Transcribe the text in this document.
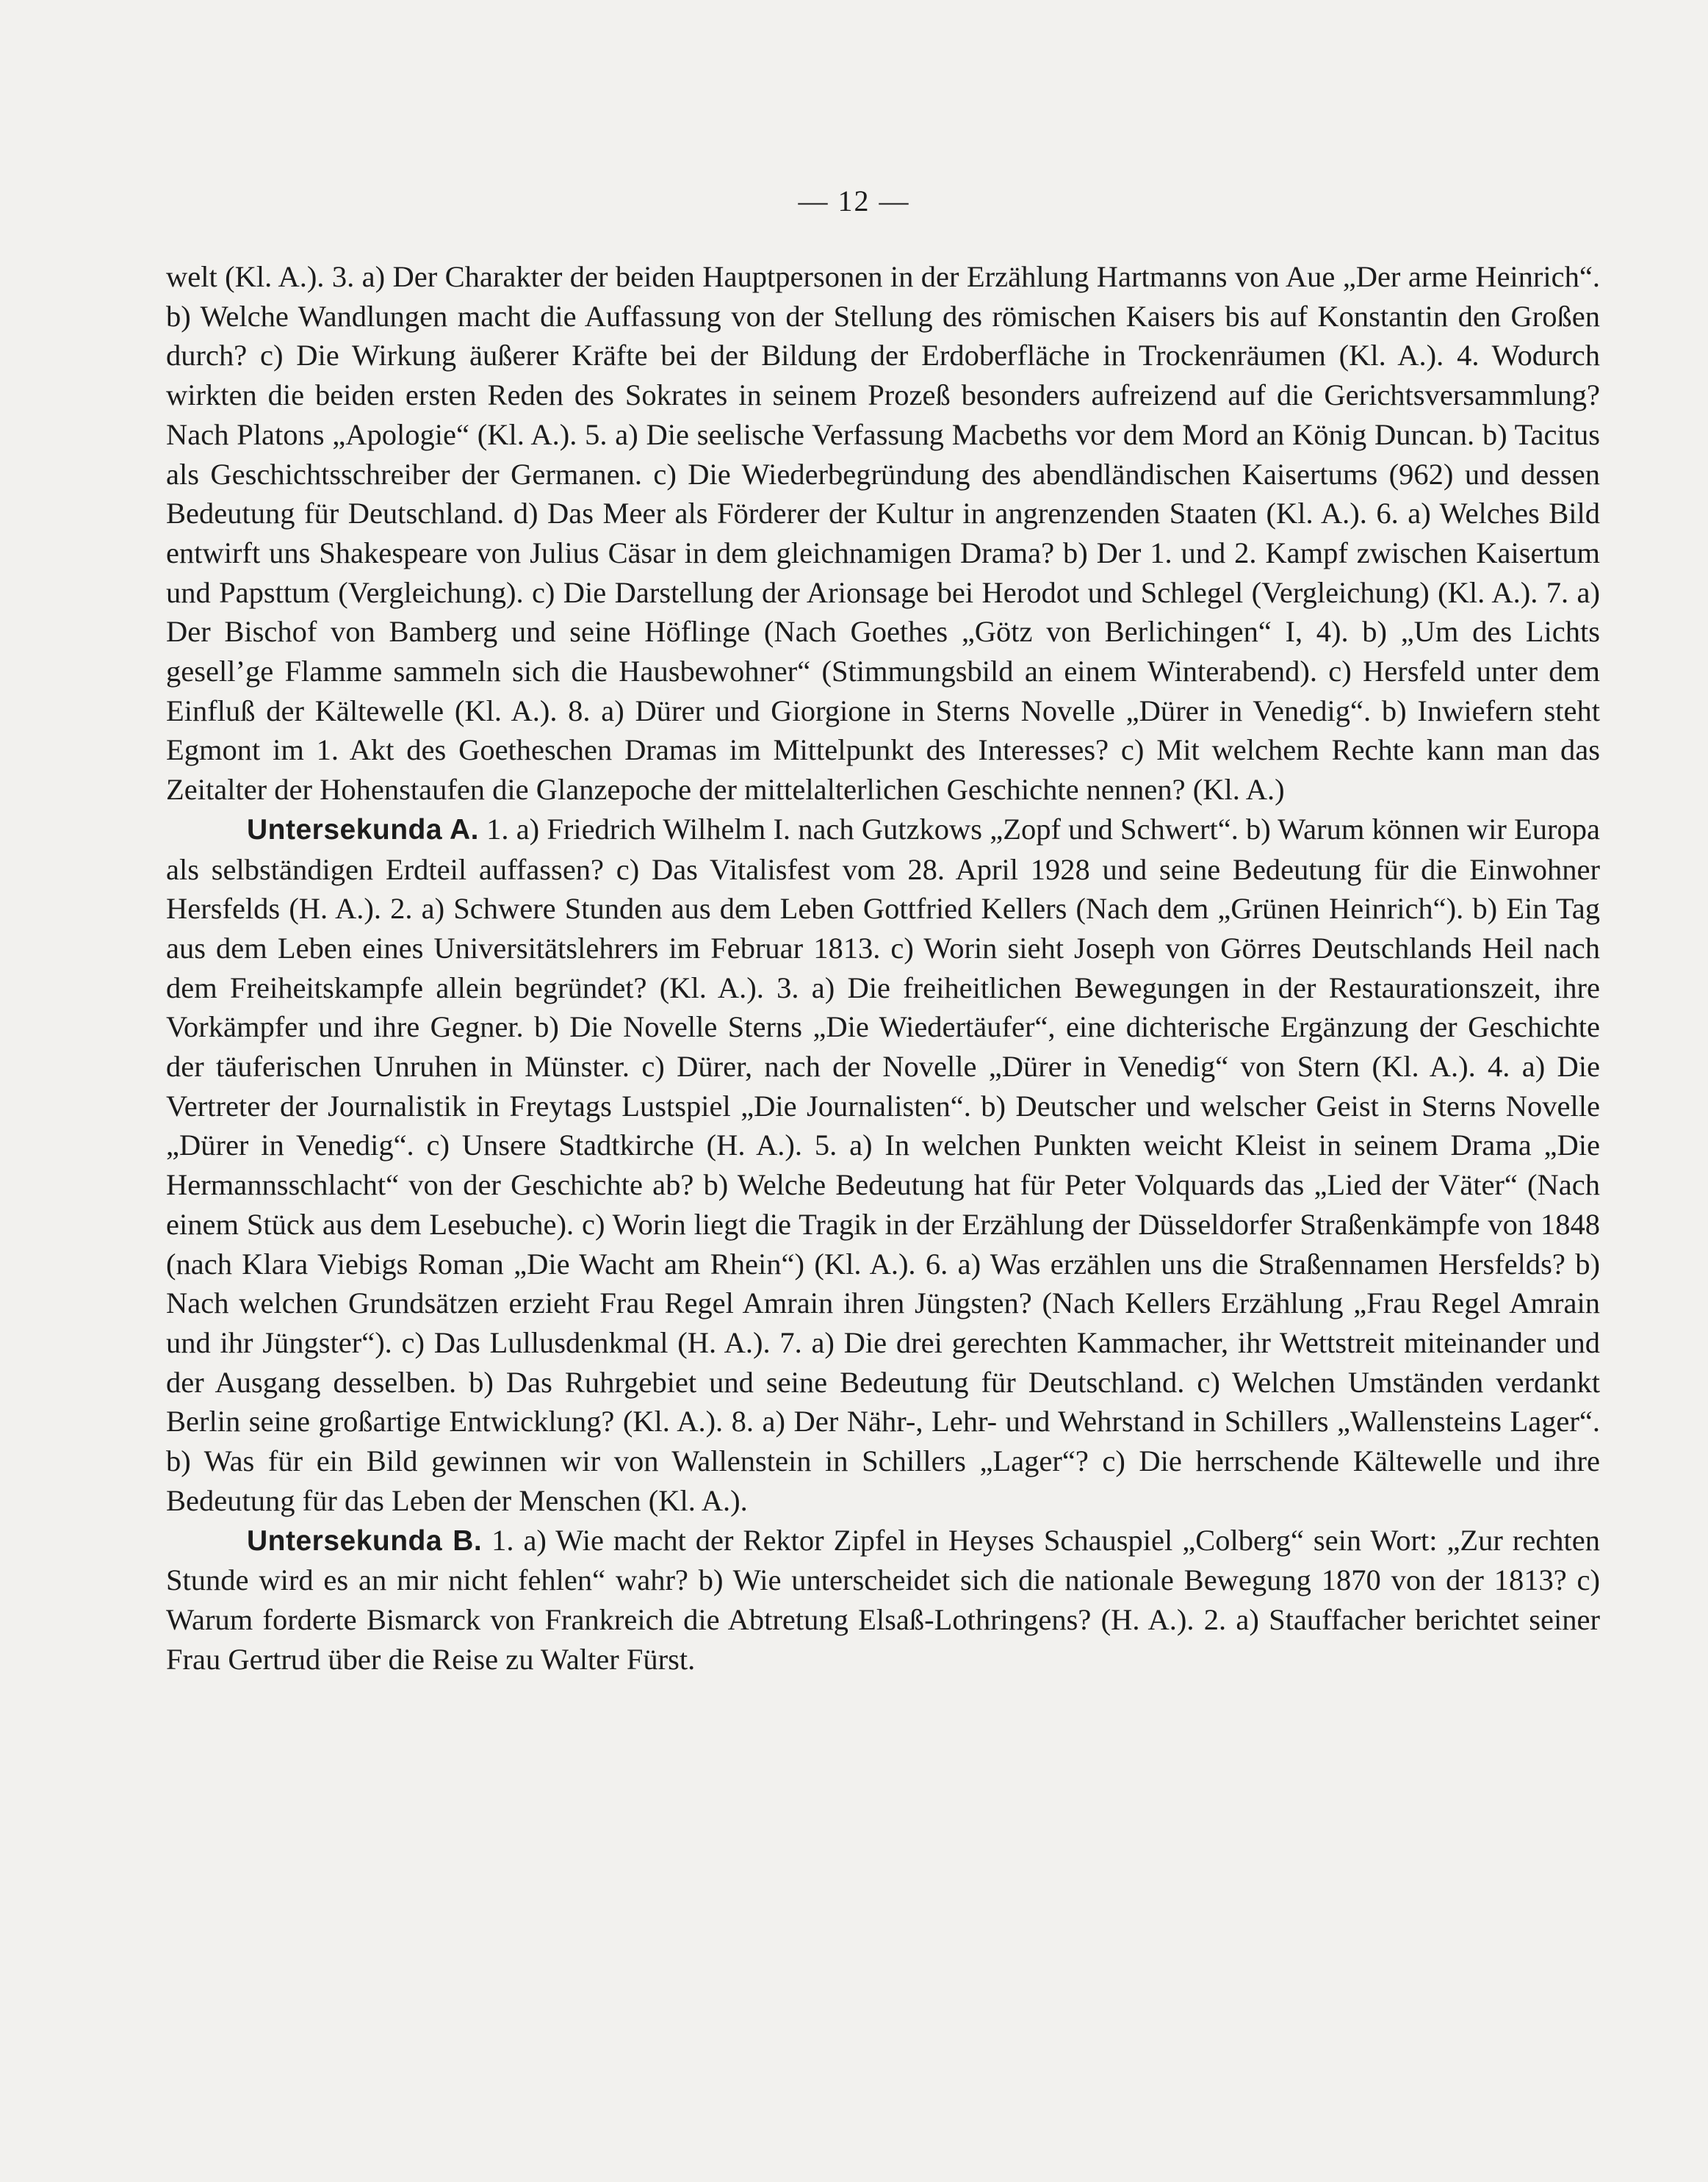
— 12 —

welt (Kl. A.). 3. a) Der Charakter der beiden Hauptpersonen in der Erzählung Hartmanns von Aue „Der arme Heinrich“. b) Welche Wandlungen macht die Auffassung von der Stellung des römischen Kaisers bis auf Konstantin den Großen durch? c) Die Wirkung äußerer Kräfte bei der Bildung der Erdoberfläche in Trockenräumen (Kl. A.). 4. Wodurch wirkten die beiden ersten Reden des Sokrates in seinem Prozeß besonders aufreizend auf die Gerichtsversammlung? Nach Platons „Apologie“ (Kl. A.). 5. a) Die seelische Verfassung Macbeths vor dem Mord an König Duncan. b) Tacitus als Geschichtsschreiber der Germanen. c) Die Wiederbegründung des abendländischen Kaisertums (962) und dessen Bedeutung für Deutschland. d) Das Meer als Förderer der Kultur in angrenzenden Staaten (Kl. A.). 6. a) Welches Bild entwirft uns Shakespeare von Julius Cäsar in dem gleichnamigen Drama? b) Der 1. und 2. Kampf zwischen Kaisertum und Papsttum (Vergleichung). c) Die Darstellung der Arionsage bei Herodot und Schlegel (Vergleichung) (Kl. A.). 7. a) Der Bischof von Bamberg und seine Höflinge (Nach Goethes „Götz von Berlichingen“ I, 4). b) „Um des Lichts gesell’ge Flamme sammeln sich die Hausbewohner“ (Stimmungsbild an einem Winterabend). c) Hersfeld unter dem Einfluß der Kältewelle (Kl. A.). 8. a) Dürer und Giorgione in Sterns Novelle „Dürer in Venedig“. b) Inwiefern steht Egmont im 1. Akt des Goetheschen Dramas im Mittelpunkt des Interesses? c) Mit welchem Rechte kann man das Zeitalter der Hohenstaufen die Glanzepoche der mittelalterlichen Geschichte nennen? (Kl. A.)

Untersekunda A. 1. a) Friedrich Wilhelm I. nach Gutzkows „Zopf und Schwert“. b) Warum können wir Europa als selbständigen Erdteil auffassen? c) Das Vitalisfest vom 28. April 1928 und seine Bedeutung für die Einwohner Hersfelds (H. A.). 2. a) Schwere Stunden aus dem Leben Gottfried Kellers (Nach dem „Grünen Heinrich“). b) Ein Tag aus dem Leben eines Universitätslehrers im Februar 1813. c) Worin sieht Joseph von Görres Deutschlands Heil nach dem Freiheitskampfe allein begründet? (Kl. A.). 3. a) Die freiheitlichen Bewegungen in der Restaurationszeit, ihre Vorkämpfer und ihre Gegner. b) Die Novelle Sterns „Die Wiedertäufer“, eine dichterische Ergänzung der Geschichte der täuferischen Unruhen in Münster. c) Dürer, nach der Novelle „Dürer in Venedig“ von Stern (Kl. A.). 4. a) Die Vertreter der Journalistik in Freytags Lustspiel „Die Journalisten“. b) Deutscher und welscher Geist in Sterns Novelle „Dürer in Venedig“. c) Unsere Stadtkirche (H. A.). 5. a) In welchen Punkten weicht Kleist in seinem Drama „Die Hermannsschlacht“ von der Geschichte ab? b) Welche Bedeutung hat für Peter Volquards das „Lied der Väter“ (Nach einem Stück aus dem Lesebuche). c) Worin liegt die Tragik in der Erzählung der Düsseldorfer Straßenkämpfe von 1848 (nach Klara Viebigs Roman „Die Wacht am Rhein“) (Kl. A.). 6. a) Was erzählen uns die Straßennamen Hersfelds? b) Nach welchen Grundsätzen erzieht Frau Regel Amrain ihren Jüngsten? (Nach Kellers Erzählung „Frau Regel Amrain und ihr Jüngster“). c) Das Lullusdenkmal (H. A.). 7. a) Die drei gerechten Kammacher, ihr Wettstreit miteinander und der Ausgang desselben. b) Das Ruhrgebiet und seine Bedeutung für Deutschland. c) Welchen Umständen verdankt Berlin seine großartige Entwicklung? (Kl. A.). 8. a) Der Nähr-, Lehr- und Wehrstand in Schillers „Wallensteins Lager“. b) Was für ein Bild gewinnen wir von Wallenstein in Schillers „Lager“? c) Die herrschende Kältewelle und ihre Bedeutung für das Leben der Menschen (Kl. A.).

Untersekunda B. 1. a) Wie macht der Rektor Zipfel in Heyses Schauspiel „Colberg“ sein Wort: „Zur rechten Stunde wird es an mir nicht fehlen“ wahr? b) Wie unterscheidet sich die nationale Bewegung 1870 von der 1813? c) Warum forderte Bismarck von Frankreich die Abtretung Elsaß-Lothringens? (H. A.). 2. a) Stauffacher berichtet seiner Frau Gertrud über die Reise zu Walter Fürst.
